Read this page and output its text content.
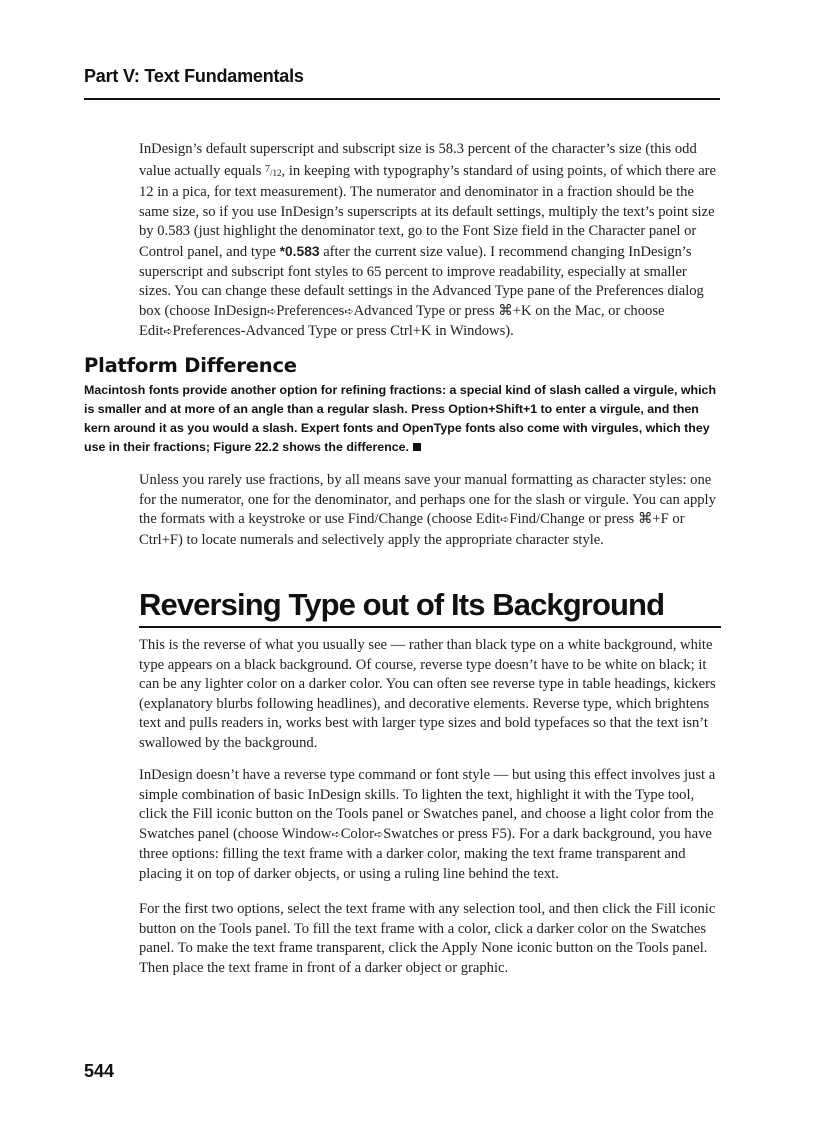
Part V: Text Fundamentals

InDesign’s default superscript and subscript size is 58.3 percent of the character’s size (this odd value actually equals $^7$/12, in keeping with typography’s standard of using points, of which there are 12 in a pica, for text measurement). The numerator and denominator in a fraction should be the same size, so if you use InDesign’s superscripts at its default settings, multiply the text’s point size by 0.583 (just highlight the denominator text, go to the Font Size field in the Character panel or Control panel, and type *0.583 after the current size value). I recommend changing InDesign’s superscript and subscript font styles to 65 percent to improve readability, especially at smaller sizes. You can change these default settings in the Advanced Type pane of the Preferences dialog box (choose InDesign➪Preferences➪Advanced Type or press ⌘+K on the Mac, or choose Edit➪Preferences-Advanced Type or press Ctrl+K in Windows).

Platform Difference

Macintosh fonts provide another option for refining fractions: a special kind of slash called a virgule, which is smaller and at more of an angle than a regular slash. Press Option+Shift+1 to enter a virgule, and then kern around it as you would a slash. Expert fonts and OpenType fonts also come with virgules, which they use in their fractions; Figure 22.2 shows the difference.

Unless you rarely use fractions, by all means save your manual formatting as character styles: one for the numerator, one for the denominator, and perhaps one for the slash or virgule. You can apply the formats with a keystroke or use Find/Change (choose Edit➪Find/Change or press ⌘+F or Ctrl+F) to locate numerals and selectively apply the appropriate character style.

Reversing Type out of Its Background

This is the reverse of what you usually see — rather than black type on a white background, white type appears on a black background. Of course, reverse type doesn’t have to be white on black; it can be any lighter color on a darker color. You can often see reverse type in table headings, kickers (explanatory blurbs following headlines), and decorative elements. Reverse type, which brightens text and pulls readers in, works best with larger type sizes and bold typefaces so that the text isn’t swallowed by the background.

InDesign doesn’t have a reverse type command or font style — but using this effect involves just a simple combination of basic InDesign skills. To lighten the text, highlight it with the Type tool, click the Fill iconic button on the Tools panel or Swatches panel, and choose a light color from the Swatches panel (choose Window➪Color➪Swatches or press F5). For a dark background, you have three options: filling the text frame with a darker color, making the text frame transparent and placing it on top of darker objects, or using a ruling line behind the text.

For the first two options, select the text frame with any selection tool, and then click the Fill iconic button on the Tools panel. To fill the text frame with a color, click a darker color on the Swatches panel. To make the text frame transparent, click the Apply None iconic button on the Tools panel. Then place the text frame in front of a darker object or graphic.

544
